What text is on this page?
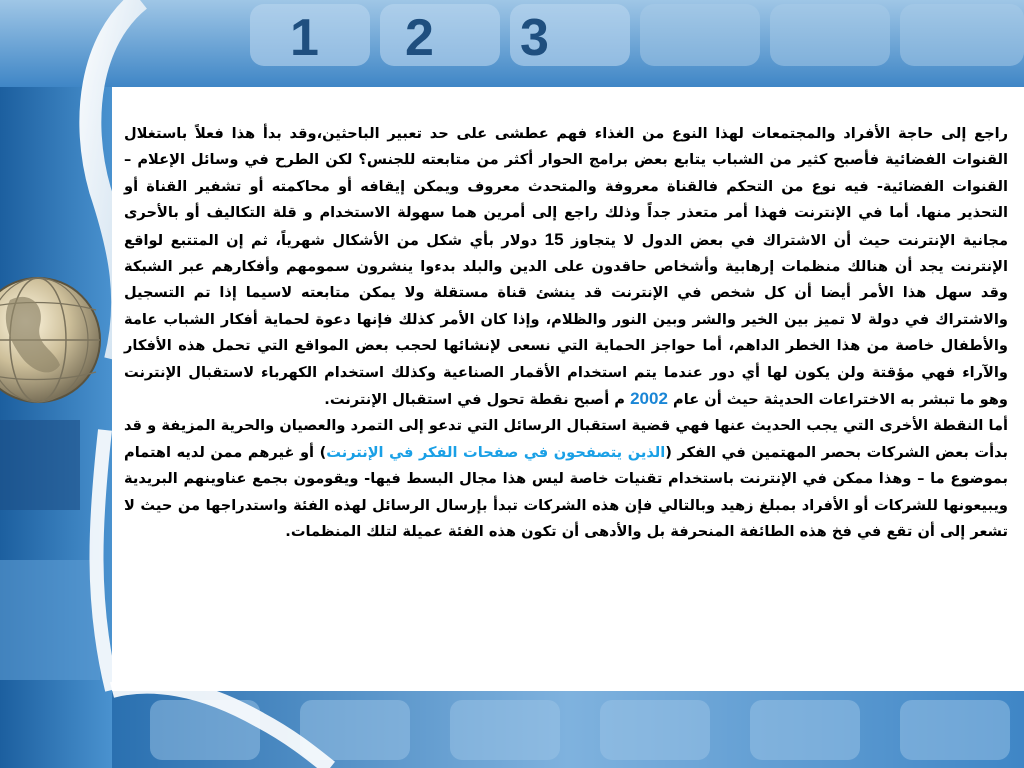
1 2 3

راجع إلى حاجة الأفراد والمجتمعات لهذا النوع من الغذاء فهم عطشى على حد تعبير الباحثين،وقد بدأ هذا فعلاً باستغلال القنوات الفضائية فأصبح كثير من الشباب يتابع بعض برامج الحوار أكثر من متابعته للجنس؟ لكن الطرح في وسائل الإعلام – القنوات الفضائية- فيه نوع من التحكم فالقناة معروفة والمتحدث معروف ويمكن إيقافه أو محاكمته أو تشفير القناة أو التحذير منها. أما في الإنترنت فهذا أمر متعذر جداً وذلك راجع إلى أمرين هما سهولة الاستخدام و قلة التكاليف أو بالأحرى مجانية الإنترنت حيث أن الاشتراك في بعض الدول لا يتجاوز 15 دولار بأي شكل من الأشكال شهرياً، ثم إن المتتبع لواقع الإنترنت يجد أن هنالك منظمات إرهابية وأشخاص حاقدون على الدين والبلد بدءوا ينشرون سمومهم وأفكارهم عبر الشبكة وقد سهل هذا الأمر أيضا أن كل شخص في الإنترنت قد ينشئ قناة مستقلة ولا يمكن متابعته لاسيما إذا تم التسجيل والاشتراك في دولة لا تميز بين الخير والشر وبين النور والظلام، وإذا كان الأمر كذلك فإنها دعوة لحماية أفكار الشباب عامة والأطفال خاصة من هذا الخطر الداهم، أما حواجز الحماية التي نسعى لإنشائها لحجب بعض المواقع التي تحمل هذه الأفكار والآراء فهي مؤقتة ولن يكون لها أي دور عندما يتم استخدام الأقمار الصناعية وكذلك استخدام الكهرباء لاستقبال الإنترنت وهو ما تبشر به الاختراعات الحديثة حيث أن عام 2002 م أصبح نقطة تحول في استقبال الإنترنت.

أما النقطة الأخرى التي يجب الحديث عنها فهي قضية استقبال الرسائل التي تدعو إلى التمرد والعصيان والحرية المزيفة و قد بدأت بعض الشركات بحصر المهتمين في الفكر (الذين يتصفحون في صفحات الفكر في الإنترنت) أو غيرهم ممن لديه اهتمام بموضوع ما – وهذا ممكن في الإنترنت باستخدام تقنيات خاصة ليس هذا مجال البسط فيها- ويقومون بجمع عناوينهم البريدية ويبيعونها للشركات أو الأفراد بمبلغ زهيد وبالتالي فإن هذه الشركات تبدأ بإرسال الرسائل لهذه الفئة واستدراجها من حيث لا تشعر إلى أن تقع في فخ هذه الطائفة المنحرفة بل والأدهى أن تكون هذه الفئة عميلة لتلك المنظمات.
